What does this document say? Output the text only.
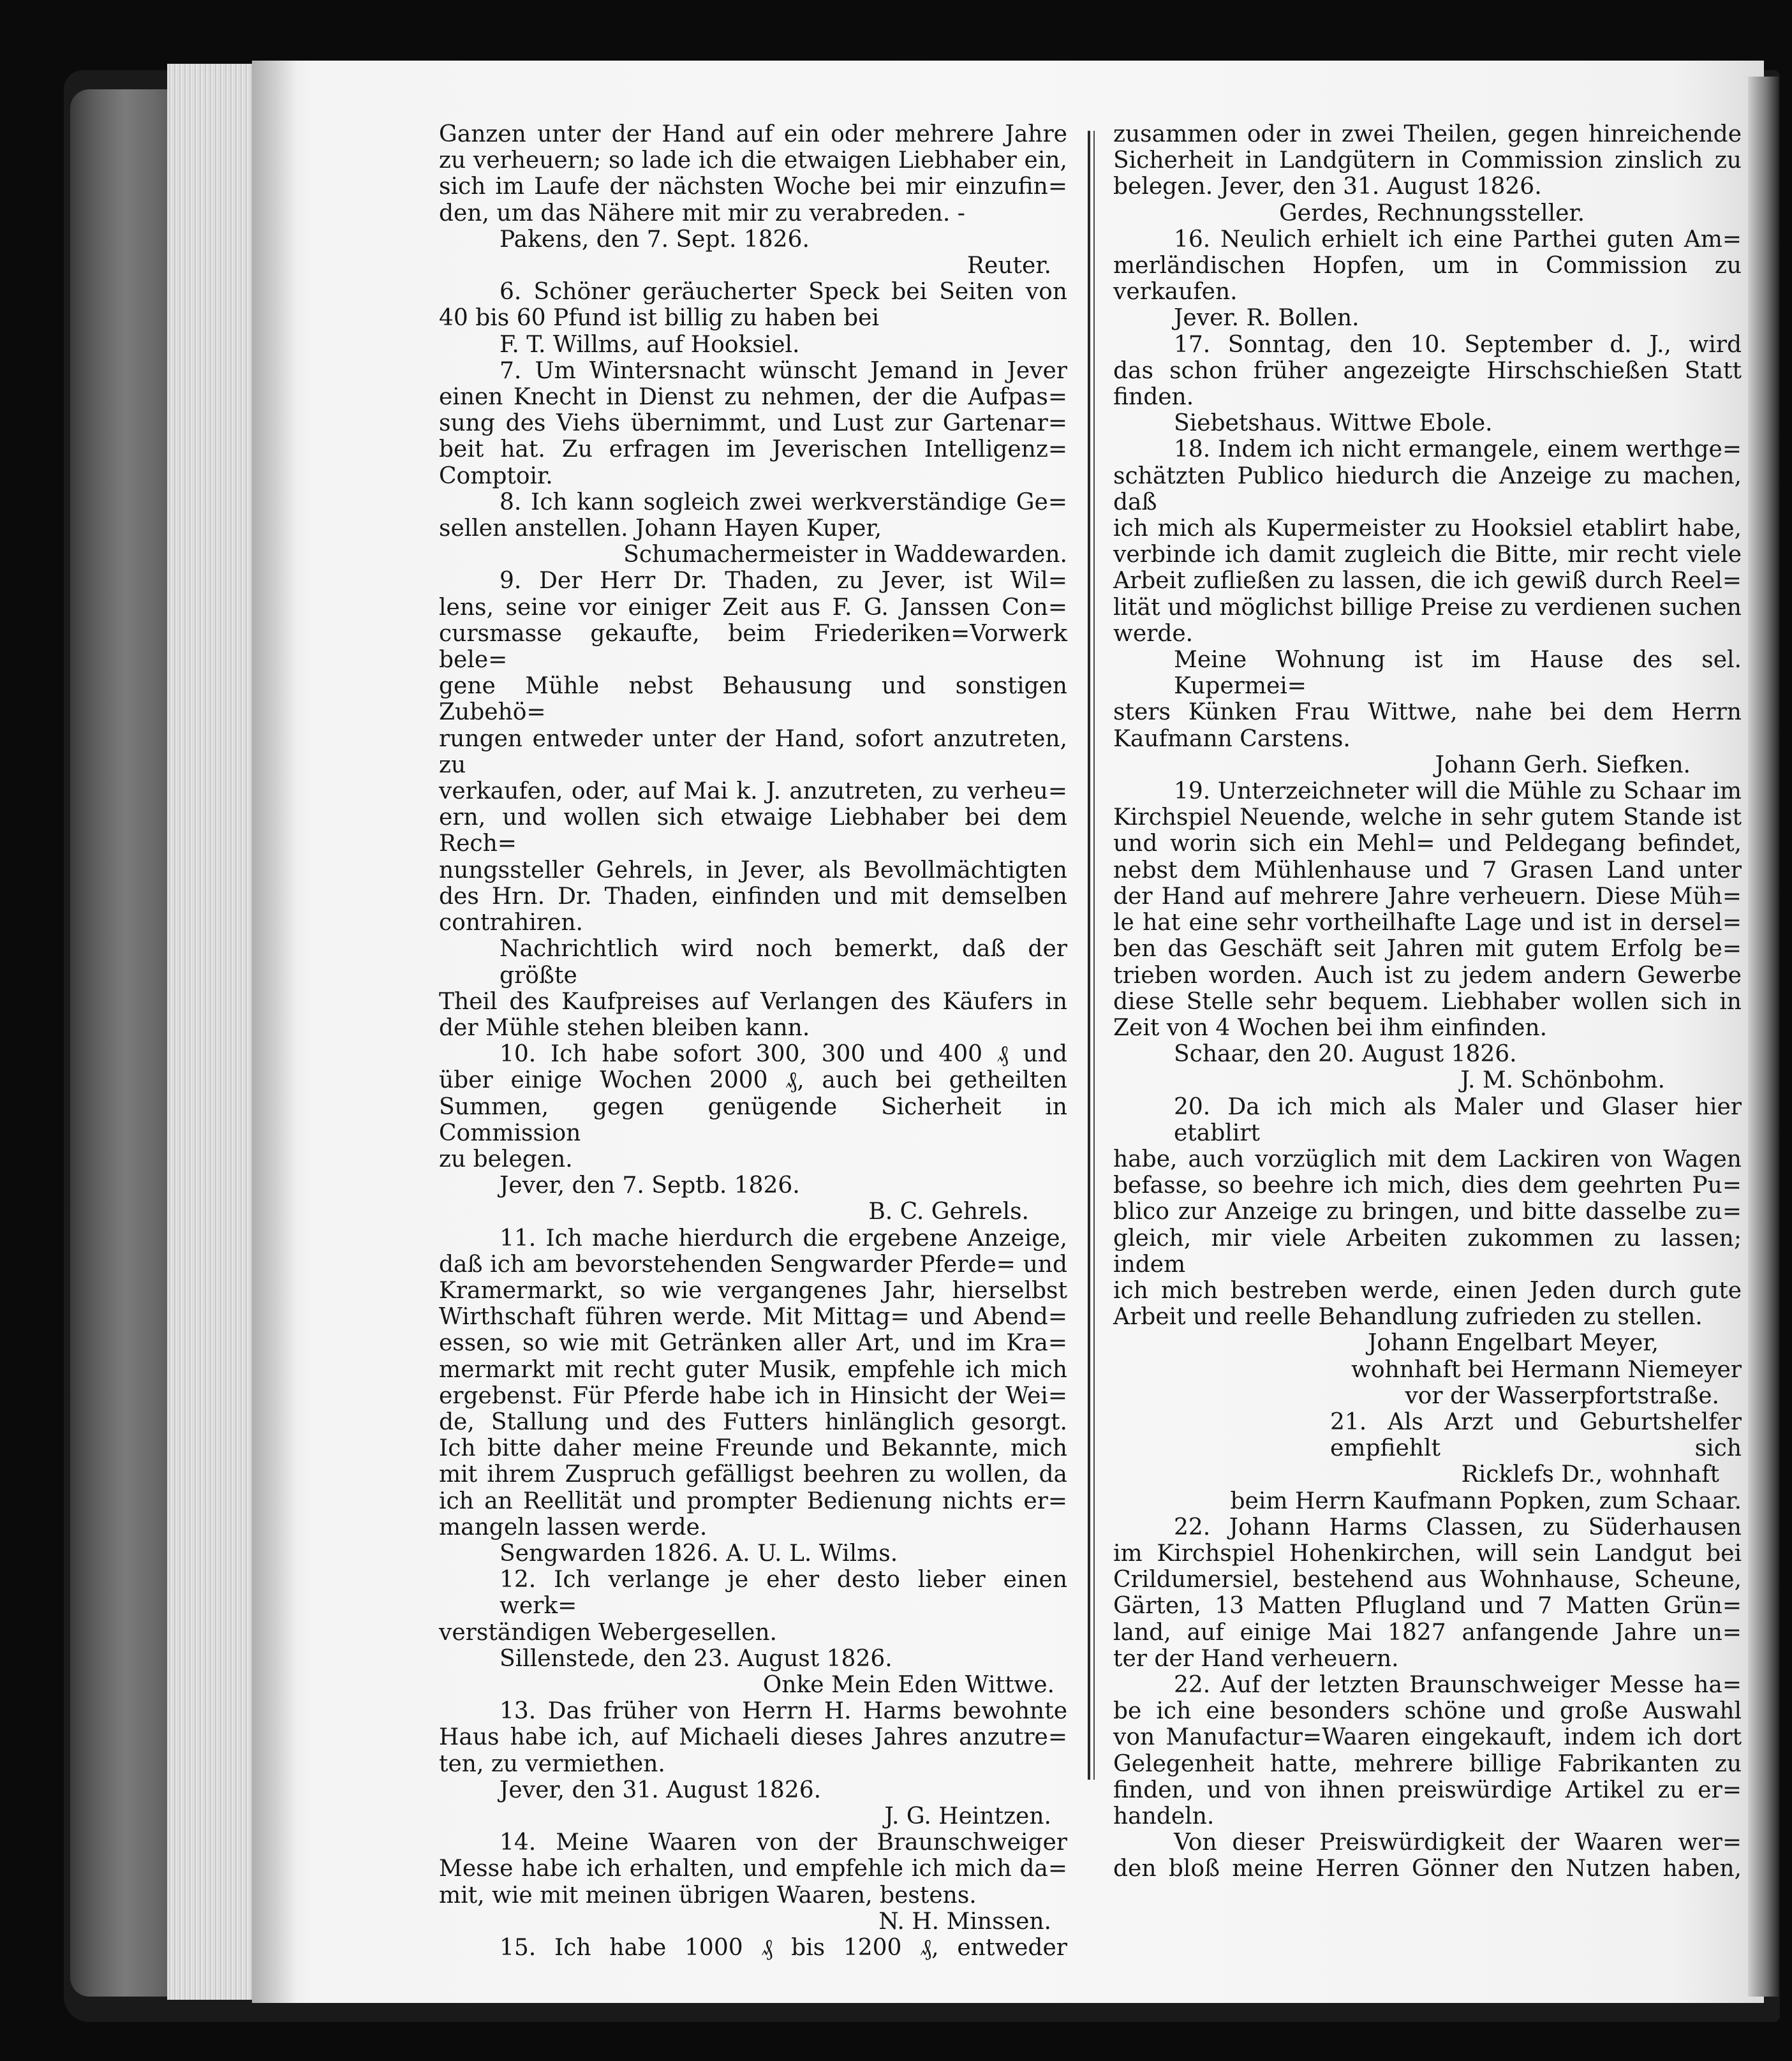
Ganzen unter der Hand auf ein oder mehrere Jahre
zu verheuern; so lade ich die etwaigen Liebhaber ein,
sich im Laufe der nächsten Woche bei mir einzufin=
den, um das Nähere mit mir zu verabreden. -
Pakens, den 7. Sept. 1826.
Reuter.
6. Schöner geräucherter Speck bei Seiten von
40 bis 60 Pfund ist billig zu haben bei
F. T. Willms, auf Hooksiel.
7. Um Wintersnacht wünscht Jemand in Jever
einen Knecht in Dienst zu nehmen, der die Aufpas=
sung des Viehs übernimmt, und Lust zur Gartenar=
beit hat. Zu erfragen im Jeverischen Intelligenz=
Comptoir.
8. Ich kann sogleich zwei werkverständige Ge=
sellen anstellen. Johann Hayen Kuper,
Schumachermeister in Waddewarden.
9. Der Herr Dr. Thaden, zu Jever, ist Wil=
lens, seine vor einiger Zeit aus F. G. Janssen Con=
cursmasse gekaufte, beim Friederiken=Vorwerk bele=
gene Mühle nebst Behausung und sonstigen Zubehö=
rungen entweder unter der Hand, sofort anzutreten, zu
verkaufen, oder, auf Mai k. J. anzutreten, zu verheu=
ern, und wollen sich etwaige Liebhaber bei dem Rech=
nungssteller Gehrels, in Jever, als Bevollmächtigten
des Hrn. Dr. Thaden, einfinden und mit demselben
contrahiren.
Nachrichtlich wird noch bemerkt, daß der größte
Theil des Kaufpreises auf Verlangen des Käufers in
der Mühle stehen bleiben kann.
10. Ich habe sofort 300, 300 und 400 ₰ und
über einige Wochen 2000 ₰, auch bei getheilten
Summen, gegen genügende Sicherheit in Commission
zu belegen.
Jever, den 7. Septb. 1826.
B. C. Gehrels.
11. Ich mache hierdurch die ergebene Anzeige,
daß ich am bevorstehenden Sengwarder Pferde= und
Kramermarkt, so wie vergangenes Jahr, hierselbst
Wirthschaft führen werde. Mit Mittag= und Abend=
essen, so wie mit Getränken aller Art, und im Kra=
mermarkt mit recht guter Musik, empfehle ich mich
ergebenst. Für Pferde habe ich in Hinsicht der Wei=
de, Stallung und des Futters hinlänglich gesorgt.
Ich bitte daher meine Freunde und Bekannte, mich
mit ihrem Zuspruch gefälligst beehren zu wollen, da
ich an Reellität und prompter Bedienung nichts er=
mangeln lassen werde.
Sengwarden 1826. A. U. L. Wilms.
12. Ich verlange je eher desto lieber einen werk=
verständigen Webergesellen.
Sillenstede, den 23. August 1826.
Onke Mein Eden Wittwe.
13. Das früher von Herrn H. Harms bewohnte
Haus habe ich, auf Michaeli dieses Jahres anzutre=
ten, zu vermiethen.
Jever, den 31. August 1826.
J. G. Heintzen.
14. Meine Waaren von der Braunschweiger
Messe habe ich erhalten, und empfehle ich mich da=
mit, wie mit meinen übrigen Waaren, bestens.
N. H. Minssen.
15. Ich habe 1000 ₰ bis 1200 ₰, entweder
zusammen oder in zwei Theilen, gegen hinreichende
Sicherheit in Landgütern in Commission zinslich zu
belegen. Jever, den 31. August 1826.
Gerdes, Rechnungssteller.
16. Neulich erhielt ich eine Parthei guten Am=
merländischen Hopfen, um in Commission zu verkaufen.
Jever. R. Bollen.
17. Sonntag, den 10. September d. J., wird
das schon früher angezeigte Hirschschießen Statt finden.
Siebetshaus. Wittwe Ebole.
18. Indem ich nicht ermangele, einem werthge=
schätzten Publico hiedurch die Anzeige zu machen, daß
ich mich als Kupermeister zu Hooksiel etablirt habe,
verbinde ich damit zugleich die Bitte, mir recht viele
Arbeit zufließen zu lassen, die ich gewiß durch Reel=
lität und möglichst billige Preise zu verdienen suchen
werde.
Meine Wohnung ist im Hause des sel. Kupermei=
sters Künken Frau Wittwe, nahe bei dem Herrn
Kaufmann Carstens.
Johann Gerh. Siefken.
19. Unterzeichneter will die Mühle zu Schaar im
Kirchspiel Neuende, welche in sehr gutem Stande ist
und worin sich ein Mehl= und Peldegang befindet,
nebst dem Mühlenhause und 7 Grasen Land unter
der Hand auf mehrere Jahre verheuern. Diese Müh=
le hat eine sehr vortheilhafte Lage und ist in dersel=
ben das Geschäft seit Jahren mit gutem Erfolg be=
trieben worden. Auch ist zu jedem andern Gewerbe
diese Stelle sehr bequem. Liebhaber wollen sich in
Zeit von 4 Wochen bei ihm einfinden.
Schaar, den 20. August 1826.
J. M. Schönbohm.
20. Da ich mich als Maler und Glaser hier etablirt
habe, auch vorzüglich mit dem Lackiren von Wagen
befasse, so beehre ich mich, dies dem geehrten Pu=
blico zur Anzeige zu bringen, und bitte dasselbe zu=
gleich, mir viele Arbeiten zukommen zu lassen; indem
ich mich bestreben werde, einen Jeden durch gute
Arbeit und reelle Behandlung zufrieden zu stellen.
Johann Engelbart Meyer,
wohnhaft bei Hermann Niemeyer
vor der Wasserpfortstraße.
21. Als Arzt und Geburtshelfer empfiehlt sich
Ricklefs Dr., wohnhaft
beim Herrn Kaufmann Popken, zum Schaar.
22. Johann Harms Classen, zu Süderhausen
im Kirchspiel Hohenkirchen, will sein Landgut bei
Crildumersiel, bestehend aus Wohnhause, Scheune,
Gärten, 13 Matten Pflugland und 7 Matten Grün=
land, auf einige Mai 1827 anfangende Jahre un=
ter der Hand verheuern.
22. Auf der letzten Braunschweiger Messe ha=
be ich eine besonders schöne und große Auswahl
von Manufactur=Waaren eingekauft, indem ich dort
Gelegenheit hatte, mehrere billige Fabrikanten zu
finden, und von ihnen preiswürdige Artikel zu er=
handeln.
Von dieser Preiswürdigkeit der Waaren wer=
den bloß meine Herren Gönner den Nutzen haben,
